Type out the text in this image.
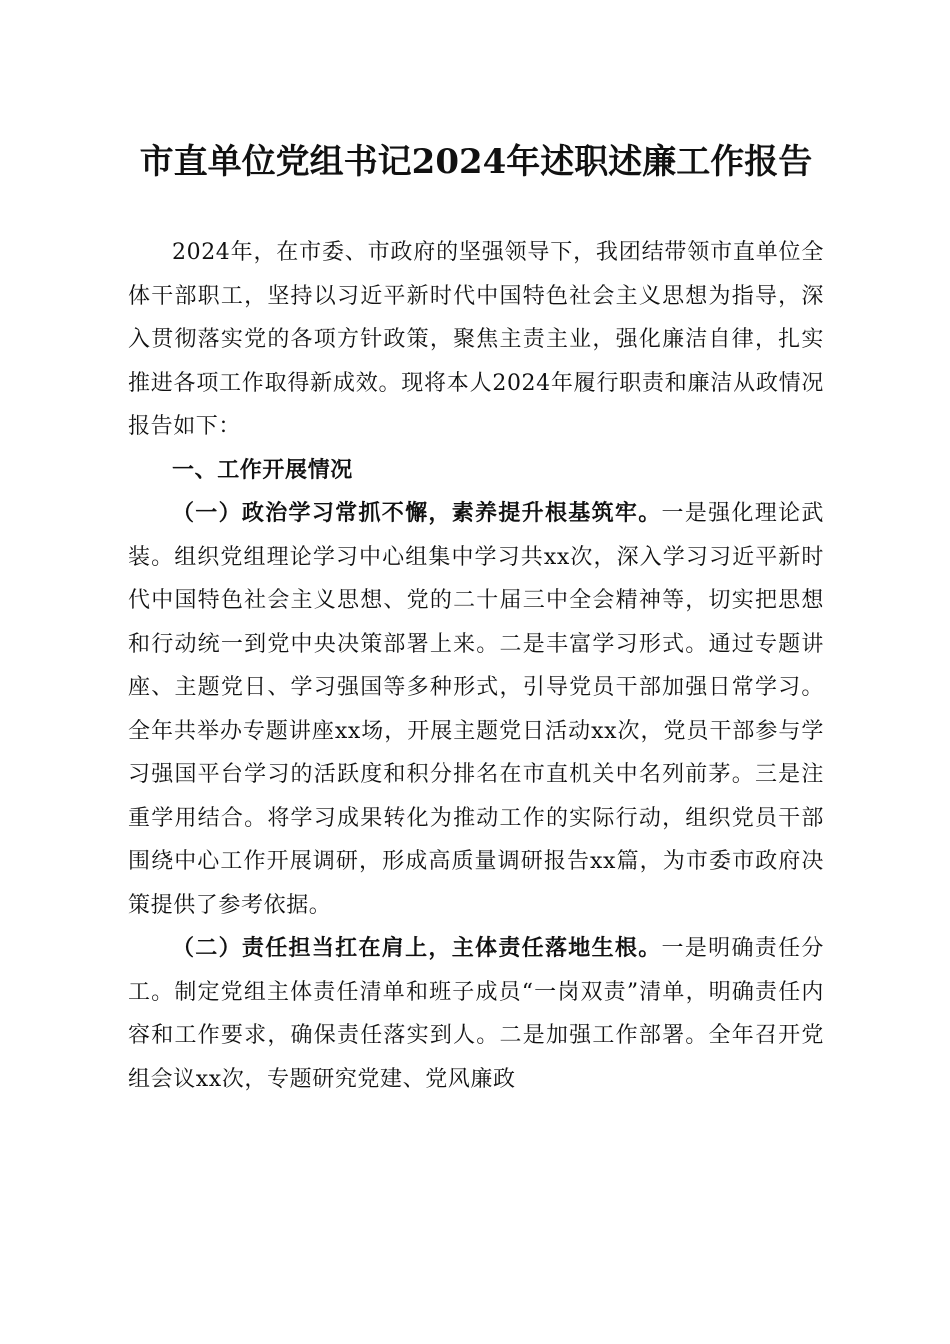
市直单位党组书记2024年述职述廉工作报告

2024年，在市委、市政府的坚强领导下，我团结带领市直单位全体干部职工，坚持以习近平新时代中国特色社会主义思想为指导，深入贯彻落实党的各项方针政策，聚焦主责主业，强化廉洁自律，扎实推进各项工作取得新成效。现将本人2024年履行职责和廉洁从政情况报告如下：

一、工作开展情况

（一）政治学习常抓不懈，素养提升根基筑牢。一是强化理论武装。组织党组理论学习中心组集中学习共xx次，深入学习习近平新时代中国特色社会主义思想、党的二十届三中全会精神等，切实把思想和行动统一到党中央决策部署上来。二是丰富学习形式。通过专题讲座、主题党日、学习强国等多种形式，引导党员干部加强日常学习。全年共举办专题讲座xx场，开展主题党日活动xx次，党员干部参与学习强国平台学习的活跃度和积分排名在市直机关中名列前茅。三是注重学用结合。将学习成果转化为推动工作的实际行动，组织党员干部围绕中心工作开展调研，形成高质量调研报告xx篇，为市委市政府决策提供了参考依据。

（二）责任担当扛在肩上，主体责任落地生根。一是明确责任分工。制定党组主体责任清单和班子成员“一岗双责”清单，明确责任内容和工作要求，确保责任落实到人。二是加强工作部署。全年召开党组会议xx次，专题研究党建、党风廉政
